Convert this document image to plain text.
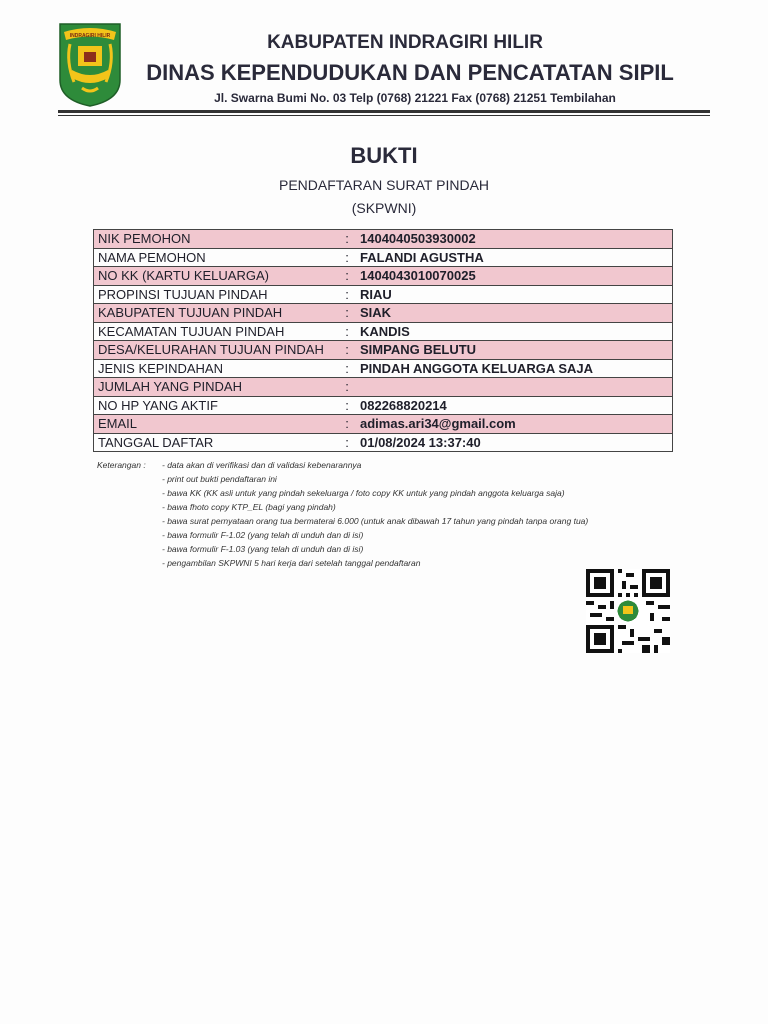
INDRAGIRI HILIR	KABUPATEN INDRAGIRI HILIR
DINAS KEPENDUDUKAN DAN PENCATATAN SIPIL
Jl. Swarna Bumi No. 03 Telp (0768) 21221 Fax (0768) 21251 Tembilahan
BUKTI
PENDAFTARAN SURAT PINDAH
(SKPWNI)
NIK PEMOHON	:	1404040503930002
NAMA PEMOHON	:	FALANDI AGUSTHA
NO KK (KARTU KELUARGA)	:	1404043010070025
PROPINSI TUJUAN PINDAH	:	RIAU
KABUPATEN TUJUAN PINDAH	:	SIAK
KECAMATAN TUJUAN PINDAH	:	KANDIS
DESA/KELURAHAN TUJUAN PINDAH	:	SIMPANG BELUTU
JENIS KEPINDAHAN	:	PINDAH ANGGOTA KELUARGA SAJA
JUMLAH YANG PINDAH	:	
NO HP YANG AKTIF	:	082268820214
EMAIL	:	adimas.ari34@gmail.com
TANGGAL DAFTAR	:	01/08/2024 13:37:40
Keterangan : - data akan di verifikasi dan di validasi kebenarannya
- print out bukti pendaftaran ini
- bawa KK (KK asli untuk yang pindah sekeluarga / foto copy KK untuk yang pindah anggota keluarga saja)
- bawa fhoto copy KTP_EL (bagi yang pindah)
- bawa surat pernyataan orang tua bermaterai 6.000 (untuk anak dibawah 17 tahun yang pindah tanpa orang tua)
- bawa formulir F-1.02 (yang telah di unduh dan di isi)
- bawa formulir F-1.03 (yang telah di unduh dan di isi)
- pengambilan SKPWNI 5 hari kerja dari setelah tanggal pendaftaran
